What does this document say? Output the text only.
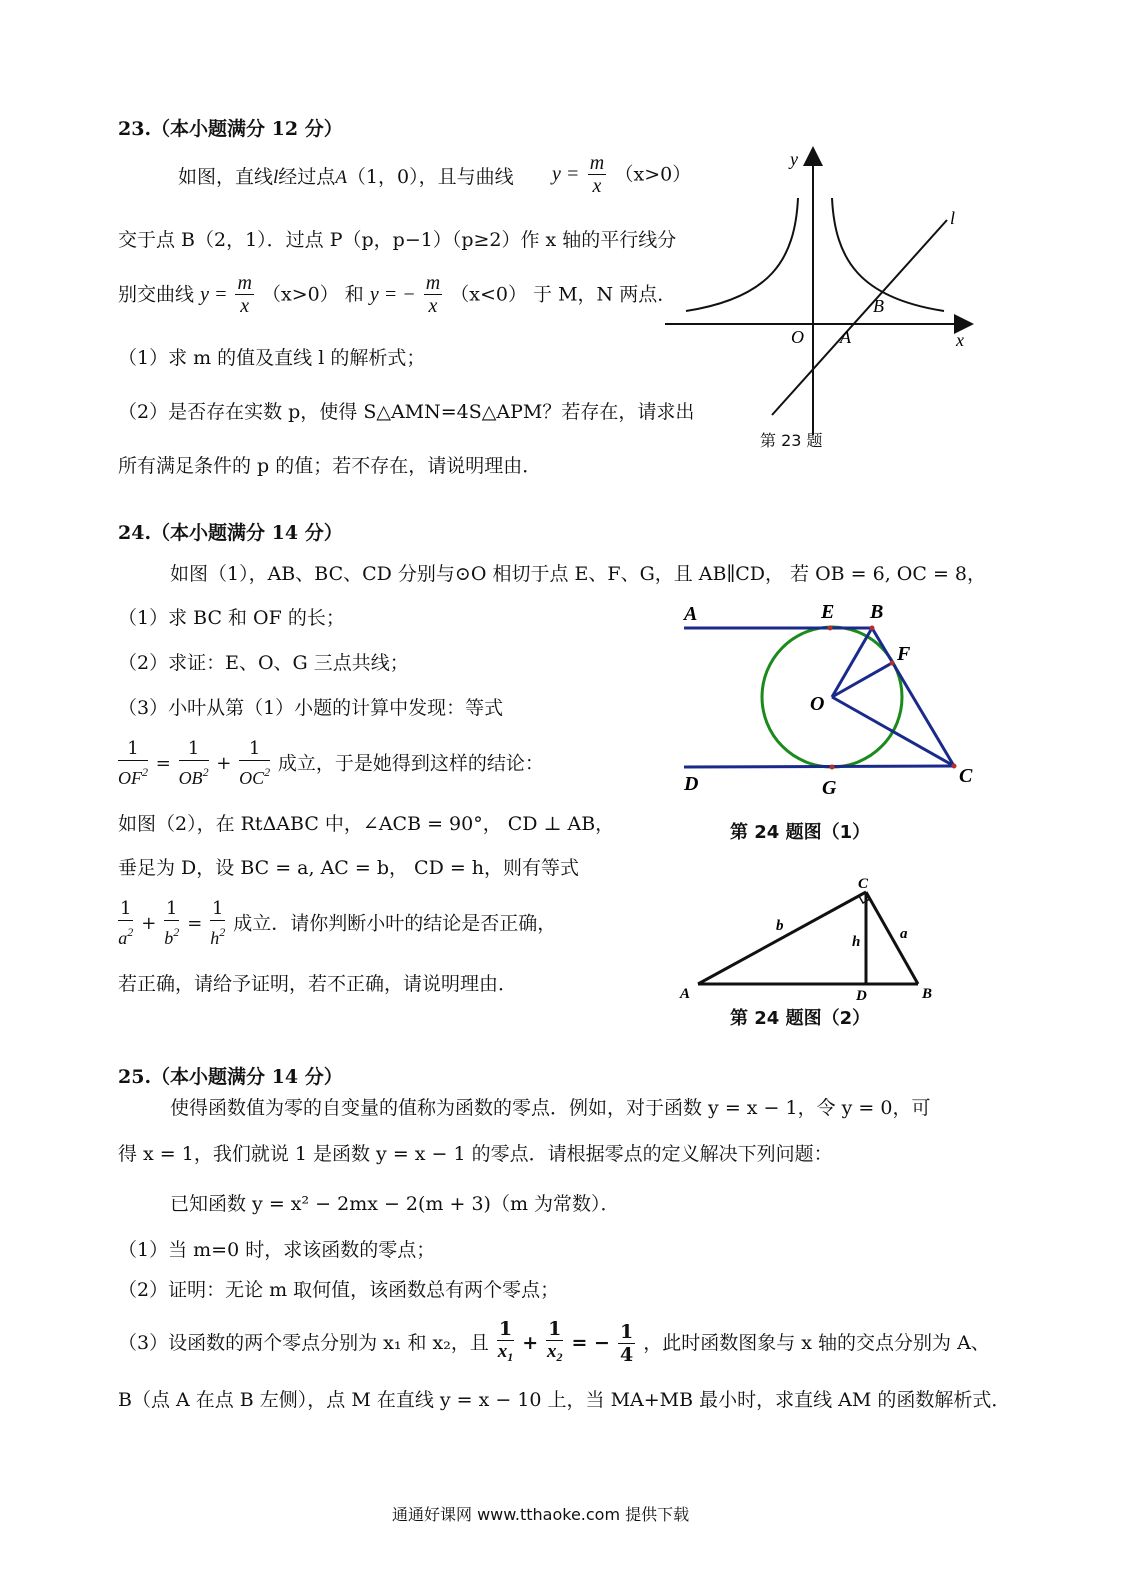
23.（本小题满分 12 分）
如图，直线l经过点A（1，0），且与曲线 $y = \frac{m}{x} (x>0)$
交于点 B（2，1）．过点 P（p，p−1）（p≥2）作 x 轴的平行线分
别交曲线 $y = \frac{m}{x} (x>0)$ 和 y = − $\frac{m}{x} (x<0)$ 于 M，N 两点．
（1）求 m 的值及直线 l 的解析式；
（2）是否存在实数 p，使得 S△AMN=4S△APM？若存在，请求出
所有满足条件的 p 的值；若不存在，请说明理由．
y
x
O A
B
l
第 23 题
24.（本小题满分 14 分）
如图（1），AB、BC、CD 分别与⊙O 相切于点 E、F、G，且 AB∥CD， 若 OB = 6, OC = 8，
（1）求 BC 和 OF 的长；
（2）求证：E、O、G 三点共线；
（3）小叶从第（1）小题的计算中发现：等式
$\frac{1}{OF^2} = \frac{1}{OB^2} + \frac{1}{OC^2}$ 成立，于是她得到这样的结论：
如图（2），在 RtΔABC 中，∠ACB = 90°， CD ⊥ AB，
垂足为 D，设 BC = a, AC = b， CD = h，则有等式
$\frac{1}{a^2} + \frac{1}{b^2} = \frac{1}{h^2}$ 成立．请你判断小叶的结论是否正确，
若正确，请给予证明，若不正确，请说明理由．
A	E B
F
O
C
D	G
第 24 题图（1）
C
A	D	B
b	a
h
第 24 题图（2）
25.（本小题满分 14 分）
使得函数值为零的自变量的值称为函数的零点．例如，对于函数 y = x − 1，令 y = 0，可
得 x = 1，我们就说 1 是函数 y = x − 1 的零点．请根据零点的定义解决下列问题：
已知函数 y = x² − 2mx − 2(m + 3)（m 为常数）．
（1）当 m=0 时，求该函数的零点；
（2）证明：无论 m 取何值，该函数总有两个零点；
（3）设函数的两个零点分别为 x₁ 和 x₂，且 $\frac{1}{x_1} + \frac{1}{x_2}$ = − $\frac{1}{4}$ ，此时函数图象与 x 轴的交点分别为 A、
B（点 A 在点 B 左侧），点 M 在直线 y = x − 10 上，当 MA+MB 最小时，求直线 AM 的函数解析式．
通通好课网 www.tthaoke.com 提供下载
